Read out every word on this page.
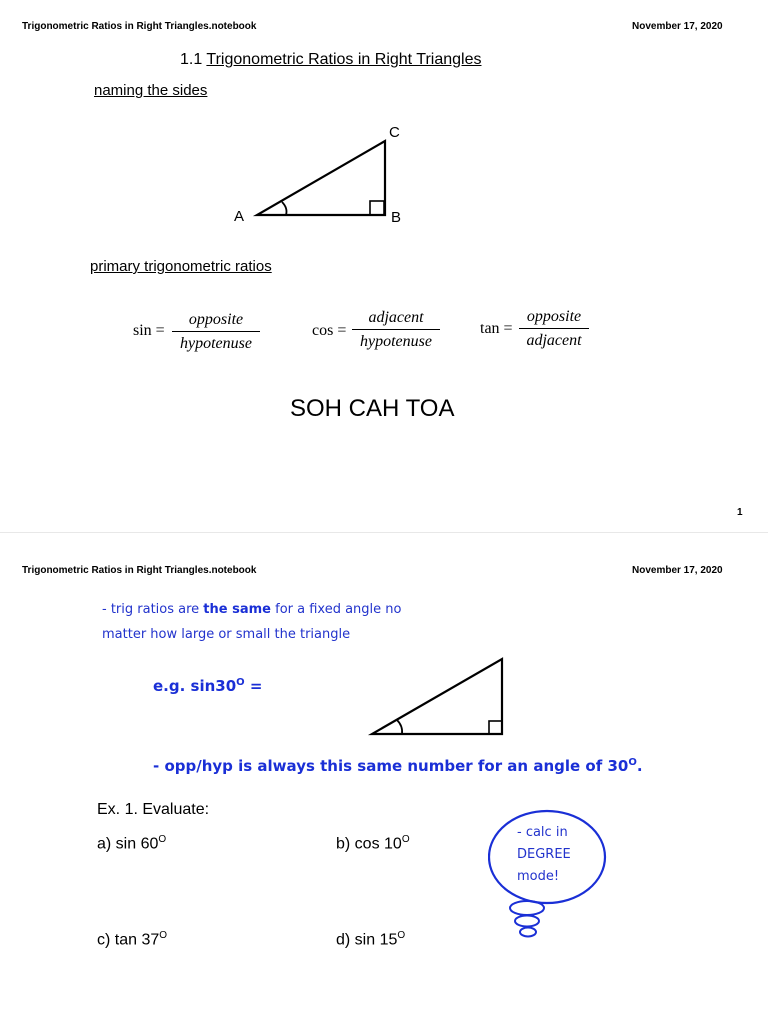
Trigonometric Ratios in Right Triangles.notebook	November 17, 2020
1.1 Trigonometric Ratios in Right Triangles
naming the sides
A	B
C
primary trigonometric ratios
sin =
opposite
hypotenuse
cos =
adjacent
hypotenuse
tan =
opposite
adjacent
SOH CAH TOA
1
Trigonometric Ratios in Right Triangles.notebook	November 17, 2020
- trig ratios are the same for a fixed angle no
matter how large or small the triangle
e.g. $\sin 30^O$ =
- opp/hyp is always this same number for an angle of $30^O$.
Ex. 1. Evaluate:
a) $\sin 60^O$	b) $\cos 10^O$
c) $\tan 37^O$	d) $\sin 15^O$
- calc in
DEGREE
mode!
